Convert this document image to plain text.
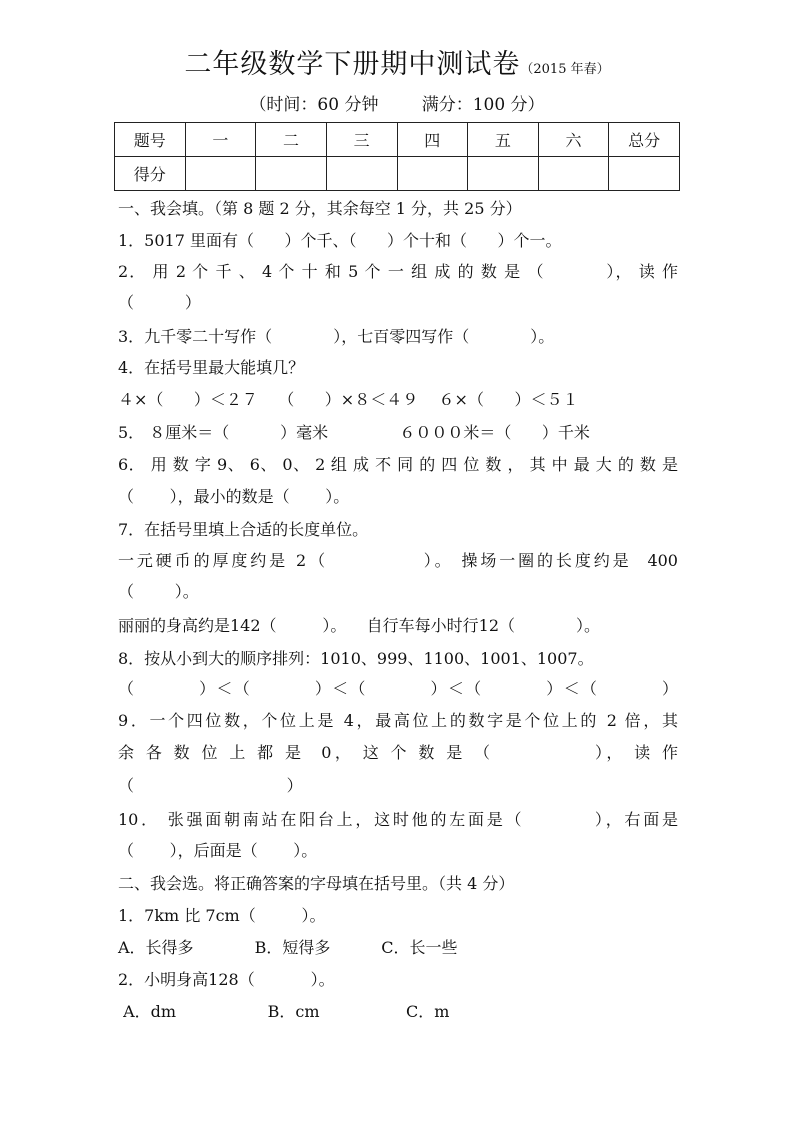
二年级数学下册期中测试卷（2015 年春）
（时间：60 分钟        满分：100 分）
题号	一	二	三	四	五	六	总分
得分							
一、我会填。（第 8 题 2 分，其余每空 1 分，共 25 分）
1．5017 里面有（      ）个千、（      ）个十和（      ）个一。
2． 用 2 个 千 、 4 个 十 和 5 个 一 组 成 的 数 是 （          ）， 读 作
（          ）
3．九千零二十写作（            ），七百零四写作（            ）。
4．在括号里最大能填几？
４×（      ）＜２７    （      ）×８＜４９    ６×（      ）＜５１
5． ８厘米＝（          ）毫米              ６０００米＝（      ）千米
6． 用 数 字 9、 6、 0、 2 组 成 不 同 的 四 位 数 ， 其 中 最 大 的 数 是
（       ），最小的数是（       ）。
7．在括号里填上合适的长度单位。
一元硬币的厚度约是 2（            ）。 操场一圈的长度约是  400
（        ）。
丽丽的身高约是142（         ）。    自行车每小时行12（            ）。
8．按从小到大的顺序排列：1010、999、1100、1001、1007。
（          ）＜（          ）＜（          ）＜（          ）＜（          ）
9．一个四位数，个位上是 4，最高位上的数字是个位上的 2 倍，其
余 各 数 位 上 都 是  0， 这 个 数 是 （            ）， 读 作
（                              ）
10． 张强面朝南站在阳台上，这时他的左面是（         ），右面是
（       ），后面是（       ）。
二、我会选。将正确答案的字母填在括号里。（共 4 分）
1．7km 比 7cm（         ）。
A．长得多            B．短得多          C．长一些
2．小明身高128（           ）。
A．dm                  B．cm                 C．m
